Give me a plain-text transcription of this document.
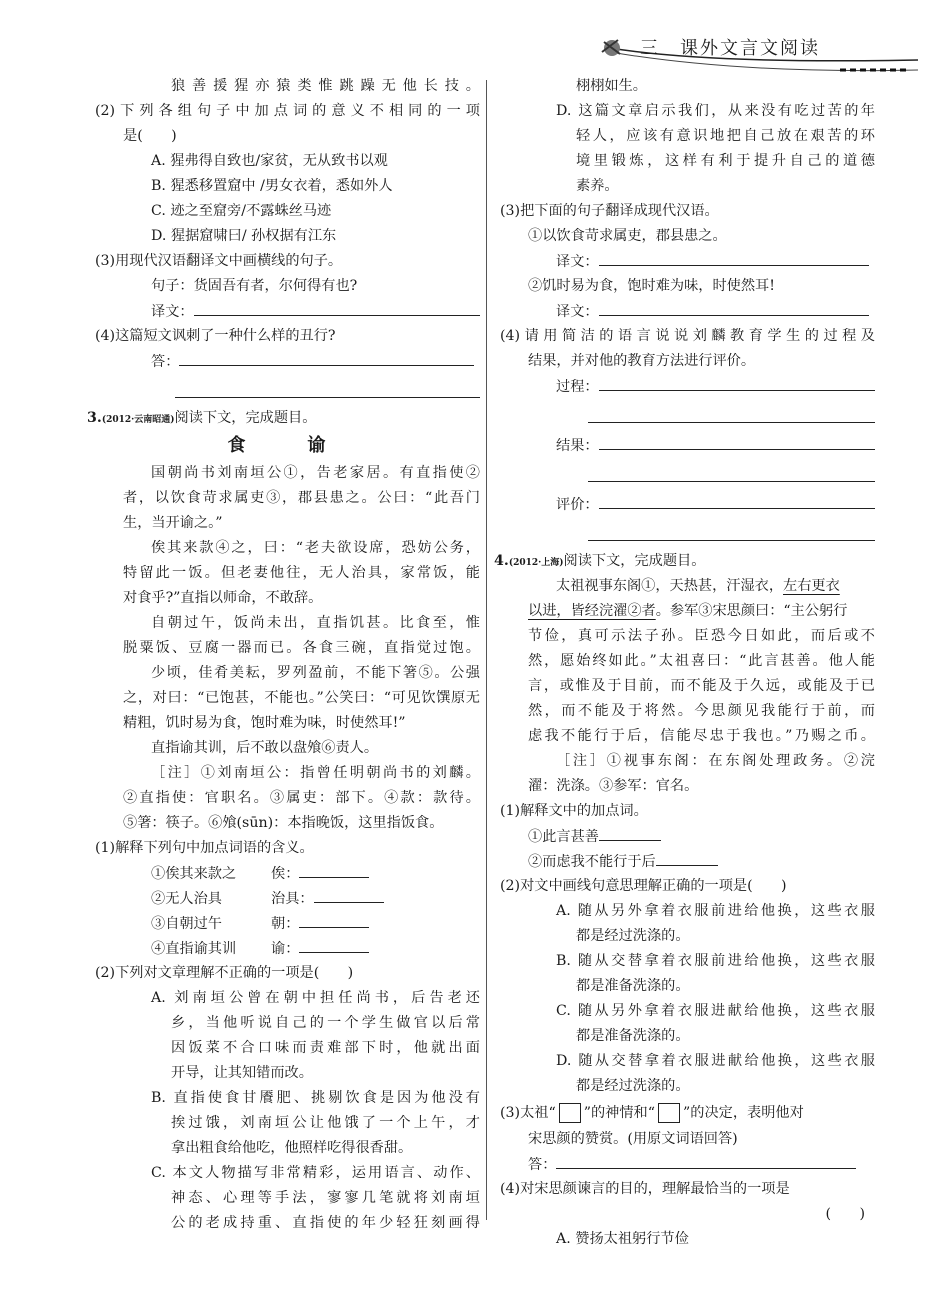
三　课外文言文阅读
狼善援猩亦猿类惟跳躁无他长技。
(2)下列各组句子中加点词的意义不相同的一项
是(　　)
A. 猩弗得自致也/家贫，无从致书以观
B. 猩悉移置窟中 /男女衣着，悉如外人
C. 迹之至窟旁/不露蛛丝马迹
D. 猩据窟啸曰/ 孙权据有江东
(3)用现代汉语翻译文中画横线的句子。
句子：货固吾有者，尔何得有也?
译文：
(4)这篇短文讽刺了一种什么样的丑行?
答：
3.(2012·云南昭通)阅读下文，完成题目。
食　谕
国朝尚书刘南垣公①，告老家居。有直指使②
者，以饮食苛求属吏③，郡县患之。公曰：“此吾门
生，当开谕之。”
俟其来款④之，曰：“老夫欲设席，恐妨公务，
特留此一饭。但老妻他往，无人治具，家常饭，能
对食乎?”直指以师命，不敢辞。
自朝过午，饭尚未出，直指饥甚。比食至，惟
脱粟饭、豆腐一器而已。各食三碗，直指觉过饱。
少顷，佳肴美耘，罗列盈前，不能下箸⑤。公强
之，对曰：“已饱甚，不能也。”公笑曰：“可见饮馔原无
精粗，饥时易为食，饱时难为味，时使然耳!”
直指谕其训，后不敢以盘飧⑥责人。
［注］①刘南垣公：指曾任明朝尚书的刘麟。
②直指使：官职名。③属吏：部下。④款：款待。
⑤箸：筷子。⑥飧(sūn)：本指晚饭，这里指饭食。
(1)解释下列句中加点词语的含义。
①俟其来款之 俟：
②无人治具	治具：
③自朝过午	朝：
④直指谕其训 谕：
(2)下列对文章理解不正确的一项是(　　)
A. 刘南垣公曾在朝中担任尚书，后告老还
乡，当他听说自己的一个学生做官以后常
因饭菜不合口味而责难部下时，他就出面
开导，让其知错而改。
B. 直指使食甘餍肥、挑剔饮食是因为他没有
挨过饿，刘南垣公让他饿了一个上午，才
拿出粗食给他吃，他照样吃得很香甜。
C. 本文人物描写非常精彩，运用语言、动作、
神态、心理等手法，寥寥几笔就将刘南垣
公的老成持重、直指使的年少轻狂刻画得
栩栩如生。
D. 这篇文章启示我们，从来没有吃过苦的年
轻人，应该有意识地把自己放在艰苦的环
境里锻炼，这样有利于提升自己的道德
素养。
(3)把下面的句子翻译成现代汉语。
①以饮食苛求属吏，郡县患之。
译文：
②饥时易为食，饱时难为味，时使然耳!
译文：
(4)请用简洁的语言说说刘麟教育学生的过程及
结果，并对他的教育方法进行评价。
过程：
结果：
评价：
4.(2012·上海)阅读下文，完成题目。
太祖视事东阁①，天热甚，汗湿衣，左右更衣
以进，皆经浣濯②者。参军③宋思颜曰：“主公躬行
节俭，真可示法子孙。臣恐今日如此，而后或不
然，愿始终如此。”太祖喜曰：“此言甚善。他人能
言，或惟及于目前，而不能及于久远，或能及于已
然，而不能及于将然。今思颜见我能行于前，而
虑我不能行于后，信能尽忠于我也。”乃赐之币。
［注］①视事东阁：在东阁处理政务。②浣
濯：洗涤。③参军：官名。
(1)解释文中的加点词。
①此言甚善
②而虑我不能行于后
(2)对文中画线句意思理解正确的一项是(　　)
A. 随从另外拿着衣服前进给他换，这些衣服
都是经过洗涤的。
B. 随从交替拿着衣服前进给他换，这些衣服
都是准备洗涤的。
C. 随从另外拿着衣服进献给他换，这些衣服
都是准备洗涤的。
D. 随从交替拿着衣服进献给他换，这些衣服
都是经过洗涤的。
(3)太祖“ ”的神情和“ ”的决定，表明他对
宋思颜的赞赏。(用原文词语回答)
答：
(4)对宋思颜谏言的目的，理解最恰当的一项是
(　　)
A. 赞扬太祖躬行节俭
